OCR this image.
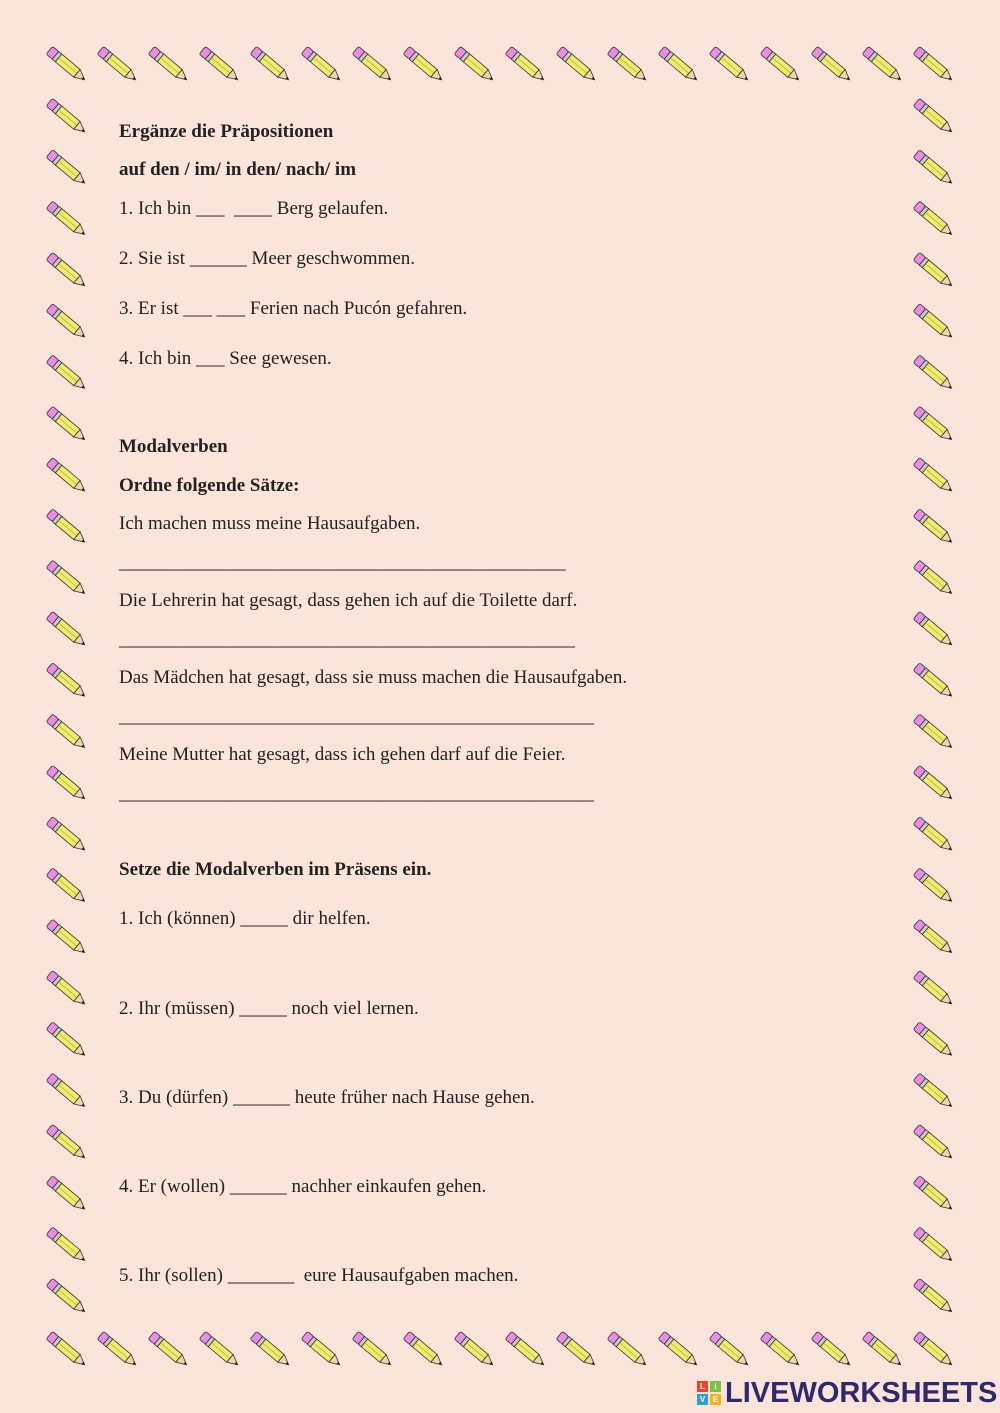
Ergänze die Präpositionen
auf den / im/ in den/ nach/ im
1. Ich bin ___  ____ Berg gelaufen.
2. Sie ist ______ Meer geschwommen.
3. Er ist ___ ___ Ferien nach Pucón gefahren.
4. Ich bin ___ See gewesen.
Modalverben
Ordne folgende Sätze:
Ich machen muss meine Hausaufgaben.
_______________________________________________
Die Lehrerin hat gesagt, dass gehen ich auf die Toilette darf.
________________________________________________
Das Mädchen hat gesagt, dass sie muss machen die Hausaufgaben.
__________________________________________________
Meine Mutter hat gesagt, dass ich gehen darf auf die Feier.
__________________________________________________
Setze die Modalverben im Präsens ein.
1. Ich (können) _____ dir helfen.
2. Ihr (müssen) _____ noch viel lernen.
3. Du (dürfen) ______ heute früher nach Hause gehen.
4. Er (wollen) ______ nachher einkaufen gehen.
5. Ihr (sollen) _______  eure Hausaufgaben machen.
L	I
V E LIVEWORKSHEETS
